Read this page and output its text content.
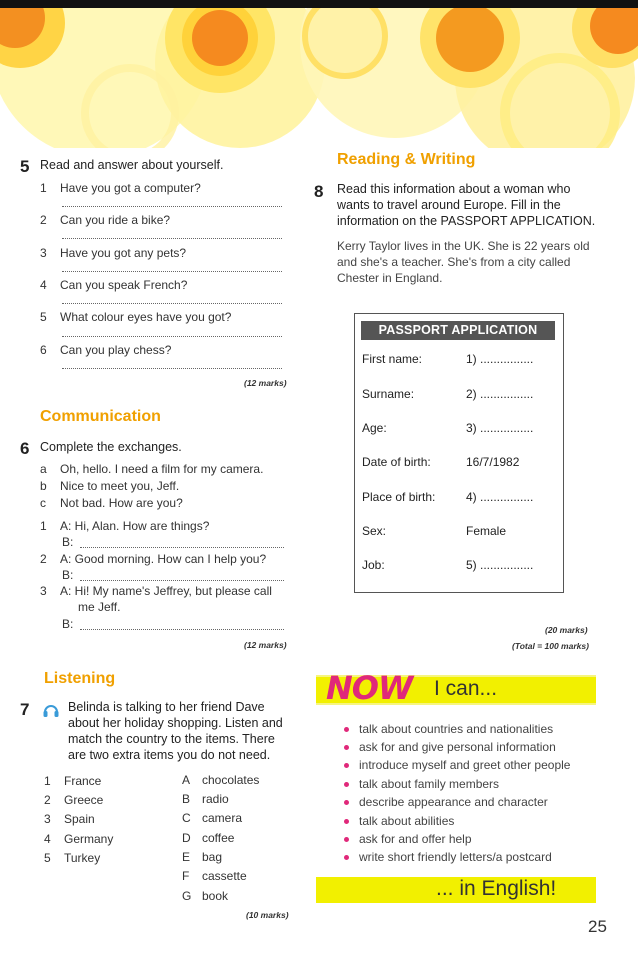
5 Read and answer about yourself.
1 Have you got a computer?
2 Can you ride a bike?
3 Have you got any pets?
4 Can you speak French?
5 What colour eyes have you got?
6 Can you play chess?
(12 marks)
Communication
6 Complete the exchanges.
a Oh, hello. I need a film for my camera.
b Nice to meet you, Jeff.
c Not bad. How are you?
1 A: Hi, Alan. How are things?
B:
2 A: Good morning. How can I help you?
B:
3 A: Hi! My name's Jeffrey, but please call
me Jeff.
B:
(12 marks)
Listening
7	Belinda is talking to her friend Dave
about her holiday shopping. Listen and
match the country to the items. There
are two extra items you do not need.
1 France
2 Greece
3 Spain
4 Germany
5 Turkey
A chocolates
B radio
C camera
D coffee
E bag
F cassette
G book
(10 marks)
Reading & Writing
8 Read this information about a woman who
wants to travel around Europe. Fill in the
information on the PASSPORT APPLICATION.
Kerry Taylor lives in the UK. She is 22 years old
and she's a teacher. She's from a city called
Chester in England.
PASSPORT APPLICATION
First name:	1) ................
Surname:	2) ................
Age:	3) ................
Date of birth:	16/7/1982
Place of birth:	4) ................
Sex:	Female
Job:	5) ................
(20 marks)
(Total = 100 marks)
NOW I can...
talk about countries and nationalities
ask for and give personal information
introduce myself and greet other people
talk about family members
describe appearance and character
talk about abilities
ask for and offer help
write short friendly letters/a postcard
... in English!
25
